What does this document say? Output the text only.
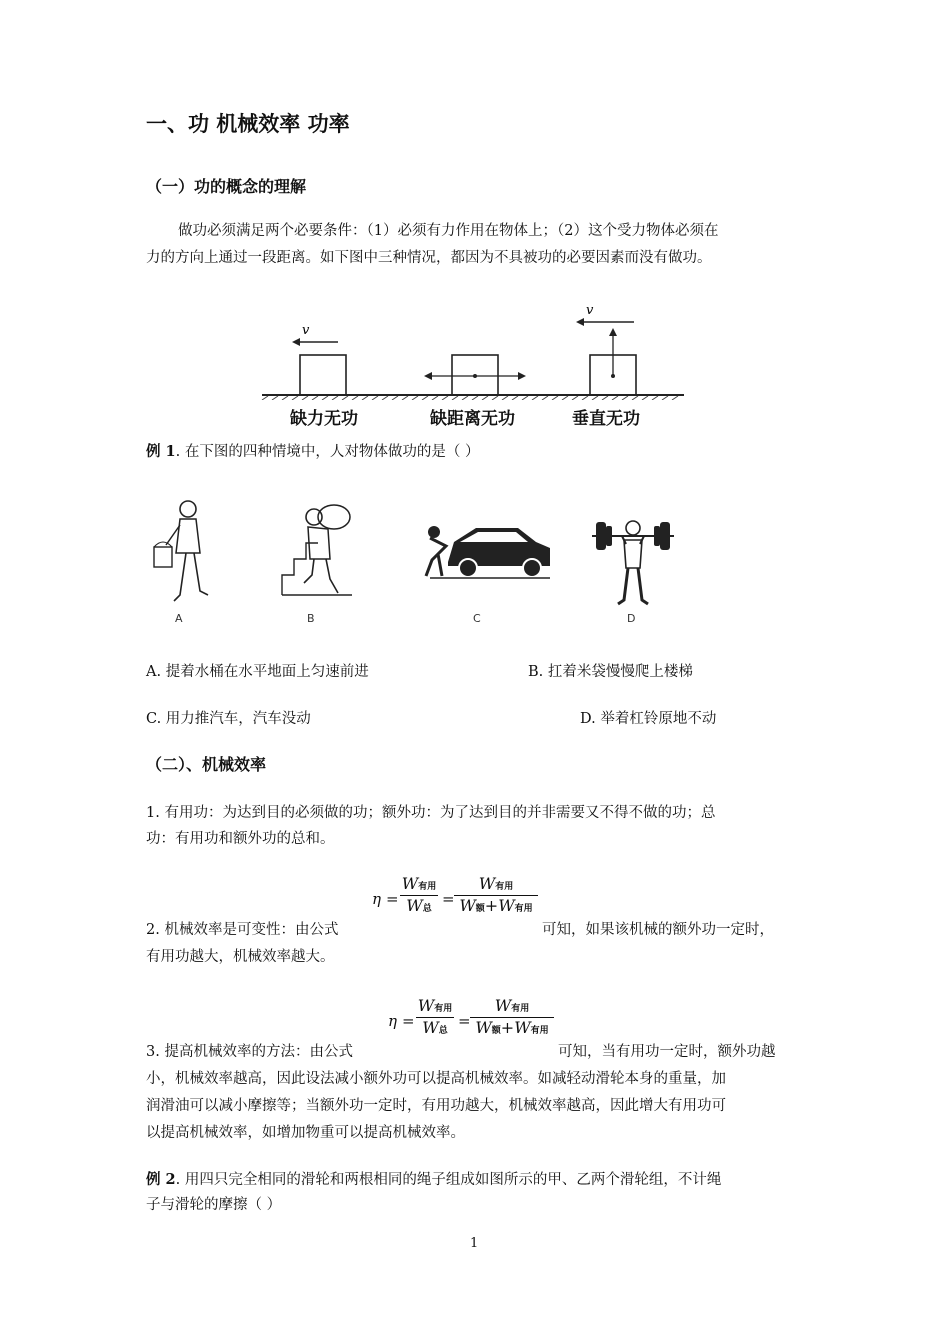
一、功 机械效率 功率
（一）功的概念的理解
做功必须满足两个必要条件：（1）必须有力作用在物体上；（2）这个受力物体必须在
力的方向上通过一段距离。如下图中三种情况，都因为不具被功的必要因素而没有做功。
v
v
缺力无功	缺距离无功	垂直无功
例 1. 在下图的四种情境中，人对物体做功的是（ ）
A	B	C	D
A. 提着水桶在水平地面上匀速前进	B. 扛着米袋慢慢爬上楼梯
C. 用力推汽车，汽车没动	D. 举着杠铃原地不动
（二）、机械效率
1. 有用功：为达到目的必须做的功；额外功：为了达到目的并非需要又不得不做的功；总
功：有用功和额外功的总和。
2. 机械效率是可变性：由公式
η =
W有用
W总
=
W有用
W额+W有用
可知，如果该机械的额外功一定时，
有用功越大，机械效率越大。
3. 提高机械效率的方法：由公式
η =
W有用
W总
=
W有用
W额+W有用
可知，当有用功一定时，额外功越
小，机械效率越高，因此设法减小额外功可以提高机械效率。如减轻动滑轮本身的重量，加
润滑油可以减小摩擦等；当额外功一定时，有用功越大，机械效率越高，因此增大有用功可
以提高机械效率，如增加物重可以提高机械效率。
例 2. 用四只完全相同的滑轮和两根相同的绳子组成如图所示的甲、乙两个滑轮组，不计绳
子与滑轮的摩擦（ ）
1
